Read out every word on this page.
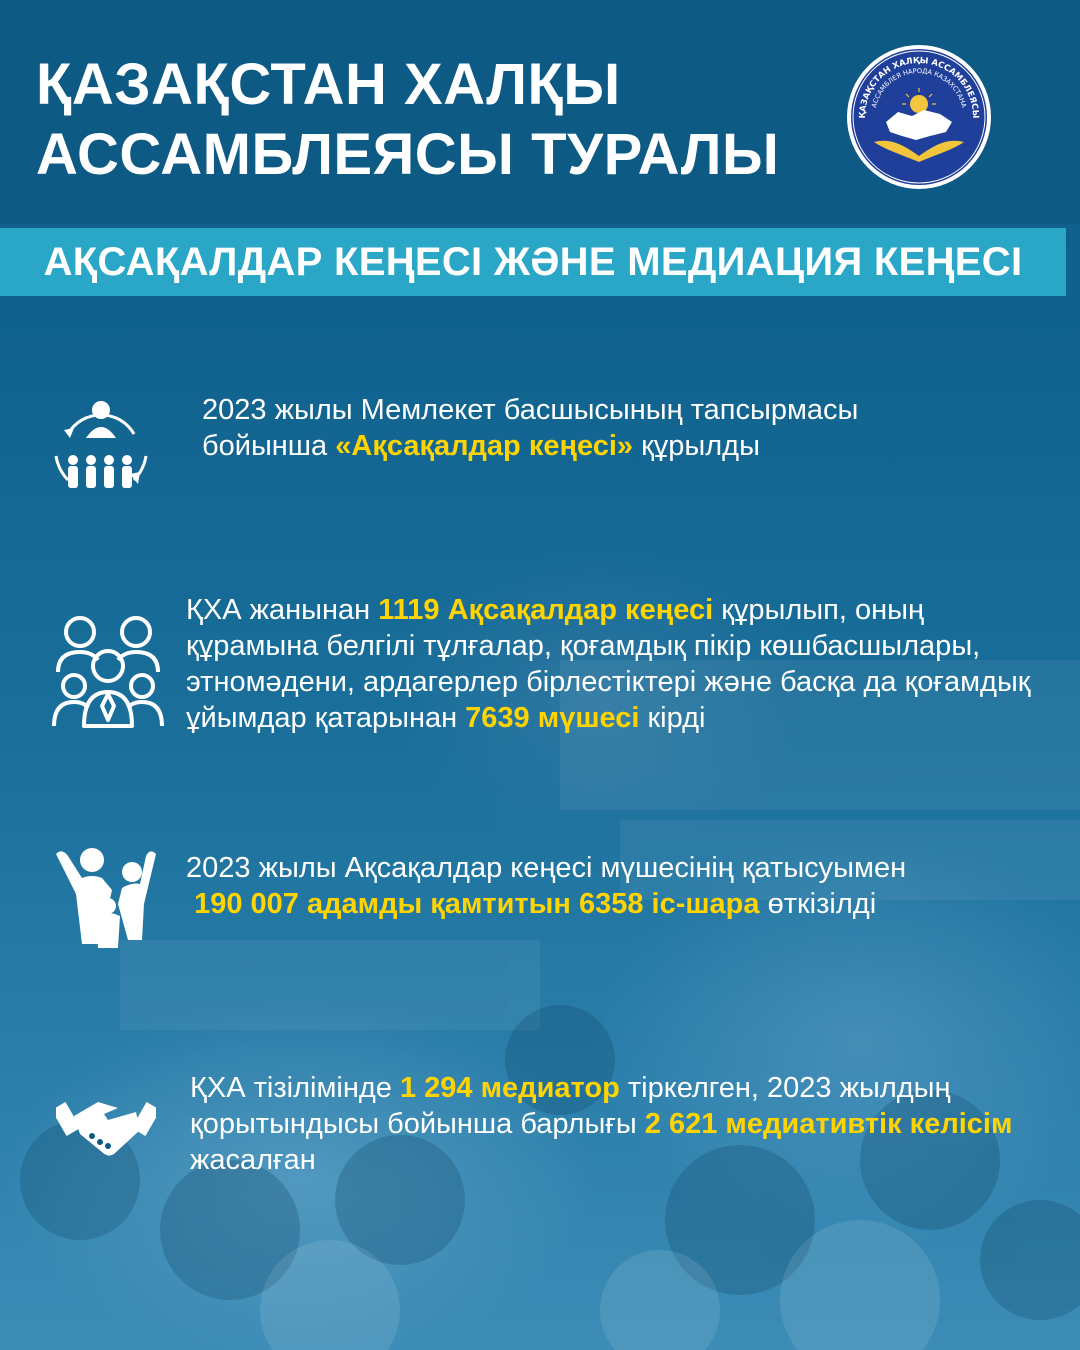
ҚАЗАҚСТАН ХАЛҚЫ
АССАМБЛЕЯСЫ ТУРАЛЫ
ҚАЗАҚСТАН ХАЛҚЫ АССАМБЛЕЯСЫ
АССАМБЛЕЯ НАРОДА КАЗАХСТАНА
АҚСАҚАЛДАР КЕҢЕСІ ЖӘНЕ МЕДИАЦИЯ КЕҢЕСІ
2023 жылы Мемлекет басшысының тапсырмасы бойынша «Ақсақалдар кеңесі» құрылды
ҚХА жанынан 1119 Ақсақалдар кеңесі құрылып, оның құрамына белгілі тұлғалар, қоғамдық пікір көшбасшылары, этномәдени, ардагерлер бірлестіктері және басқа да қоғамдық ұйымдар қатарынан 7639 мүшесі кірді
2023 жылы Ақсақалдар кеңесі мүшесінің қатысуымен
190 007 адамды қамтитын 6358 іс-шара өткізілді
ҚХА тізілімінде 1 294 медиатор тіркелген, 2023 жылдың қорытындысы бойынша барлығы 2 621 медиативтік келісім жасалған
